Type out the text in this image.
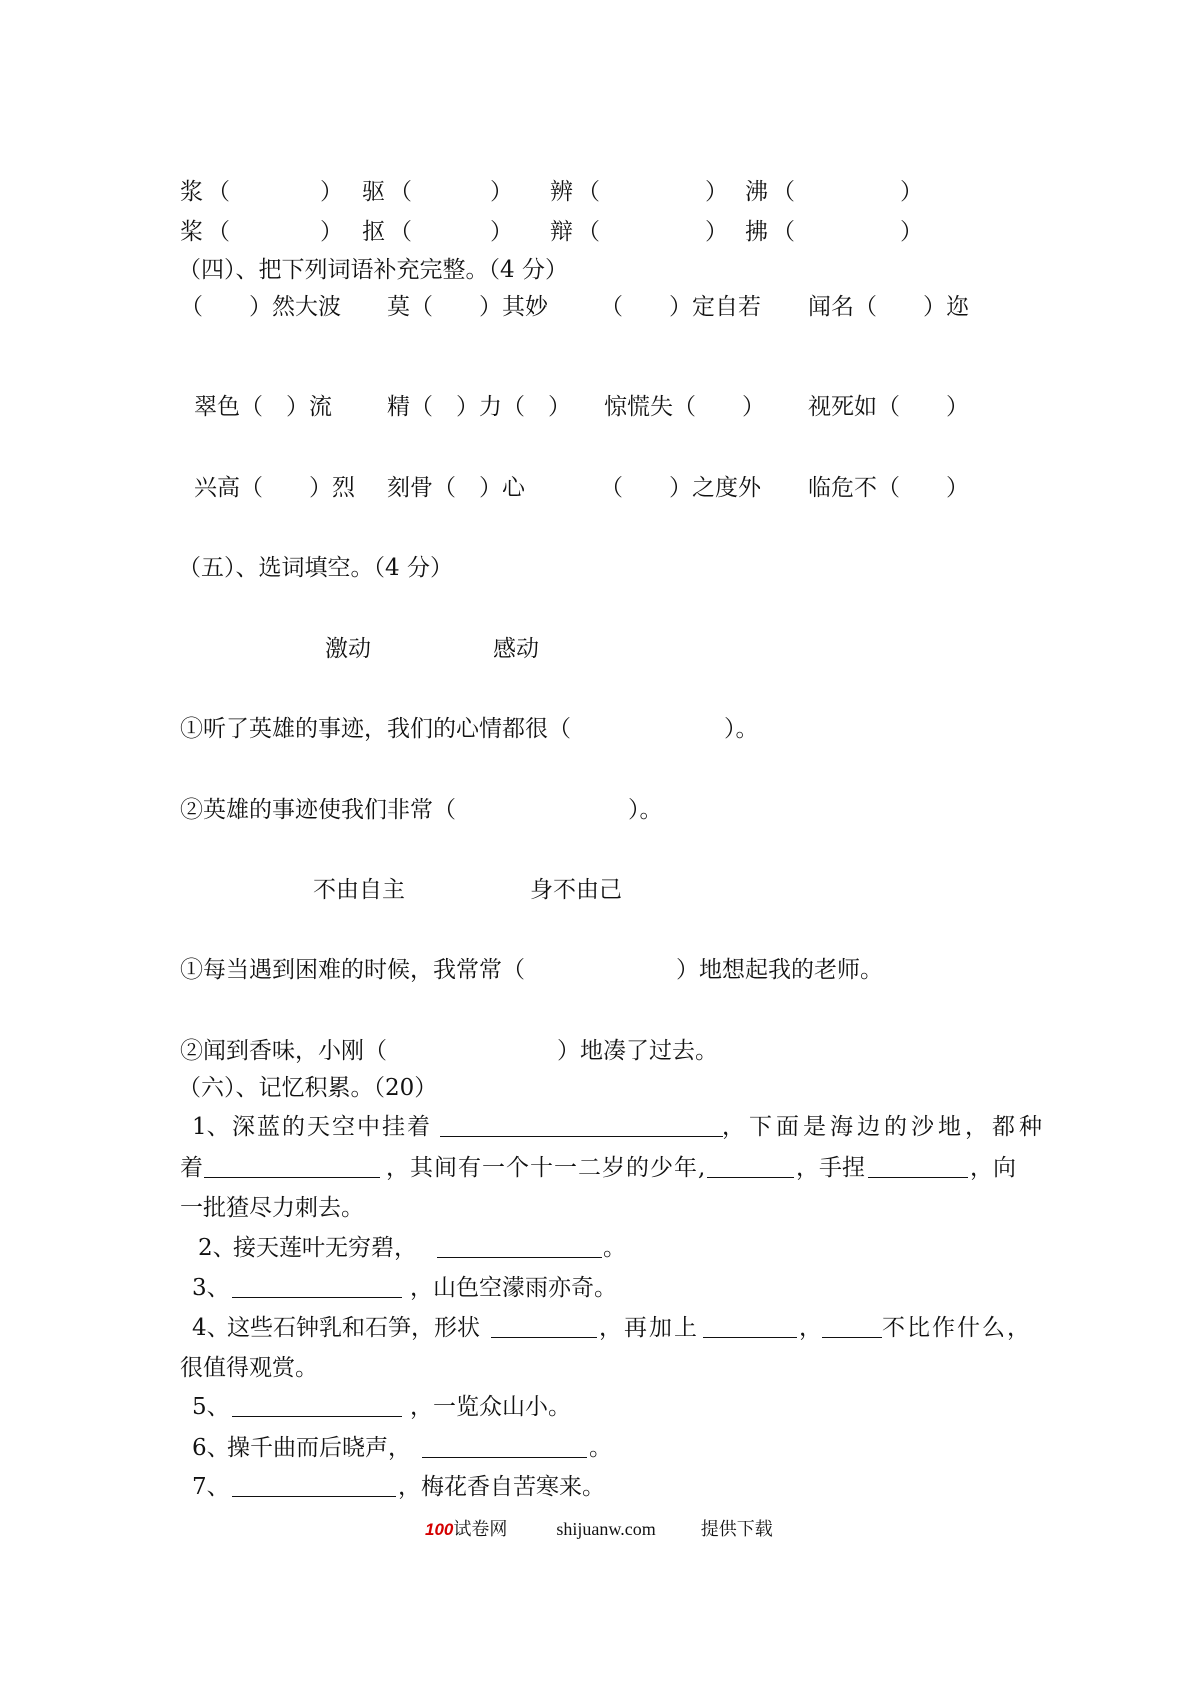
浆 （	） 驱 （	） 辨 （	） 沸 （	）
桨 （	） 抠 （	） 辩 （	） 拂 （	）
（四）、把下列词语补充完整。（4 分）
（　　）然大波 莫（　　）其妙 （　　）定自若 闻名（　　）迩
翠色（　）流 精（　）力（　） 惊慌失（　　） 视死如（　　）
兴高（　　）烈 刻骨（　）心	（　　）之度外 临危不（　　）
（五）、选词填空。（4 分）
激动	感动
①听了英雄的事迹，我们的心情都很（	）。
②英雄的事迹使我们非常（	）。
不由自主	身不由己
①每当遇到困难的时候，我常常（	）地想起我的老师。
②闻到香味，小刚（	）地凑了过去。
（六）、记忆积累。（20）
1、 深蓝的天空中挂着	，下面是海边的沙地，都种
着	，其间有一个十一二岁的少年,	，手捏	，向
一批猹尽力刺去。
2、
接天莲叶无穷碧，	。
3、	，山色空濛雨亦奇。
4、
这些石钟乳和石笋，形状	，再加上	，	不比作什么，
很值得观赏。
5、	，一览众山小。
6、
操千曲而后晓声，	。
7、	，梅花香自苦寒来。
100试卷网	shijuanw.com	提供下载
